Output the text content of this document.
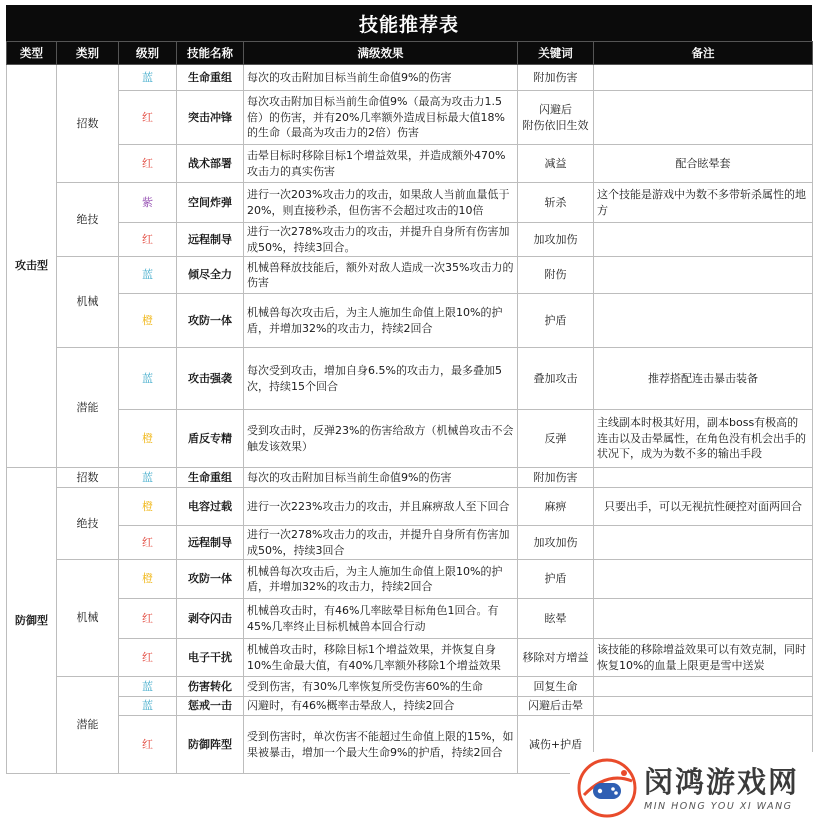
技能推荐表
类型	类别	级别	技能名称	满级效果	关键词	备注
攻击型	招数	蓝	生命重组	每次的攻击附加目标当前生命值9%的伤害	附加伤害	
		红	突击冲锋	每次攻击附加目标当前生命值9%（最高为攻击力1.5倍）的伤害，并有20%几率额外造成目标最大值18%的生命（最高为攻击力的2倍）伤害	闪避后
附伤依旧生效	
		红	战术部署	击晕目标时移除目标1个增益效果，并造成额外470%攻击力的真实伤害	减益	配合眩晕套
	绝技	紫	空间炸弹	进行一次203%攻击力的攻击，如果敌人当前血量低于20%，则直接秒杀，但伤害不会超过攻击的10倍	斩杀	这个技能是游戏中为数不多带斩杀属性的地方
		红	远程制导	进行一次278%攻击力的攻击，并提升自身所有伤害加成50%，持续3回合。	加攻加伤	
	机械	蓝	倾尽全力	机械兽释放技能后，额外对敌人造成一次35%攻击力的伤害	附伤	
		橙	攻防一体	机械兽每次攻击后，为主人施加生命值上限10%的护盾，并增加32%的攻击力，持续2回合	护盾	
	潜能	蓝	攻击强袭	每次受到攻击，增加自身6.5%的攻击力，最多叠加5次，持续15个回合	叠加攻击	推荐搭配连击暴击装备
		橙	盾反专精	受到攻击时，反弹23%的伤害给敌方（机械兽攻击不会触发该效果）	反弹	主线副本时极其好用，副本boss有极高的连击以及击晕属性，在角色没有机会出手的状况下，成为为数不多的输出手段
防御型	招数	蓝	生命重组	每次的攻击附加目标当前生命值9%的伤害	附加伤害	
	绝技	橙	电容过载	进行一次223%攻击力的攻击，并且麻痹敌人至下回合	麻痹	只要出手，可以无视抗性硬控对面两回合
		红	远程制导	进行一次278%攻击力的攻击，并提升自身所有伤害加成50%，持续3回合	加攻加伤	
	机械	橙	攻防一体	机械兽每次攻击后，为主人施加生命值上限10%的护盾，并增加32%的攻击力，持续2回合	护盾	
		红	剥夺闪击	机械兽攻击时，有46%几率眩晕目标角色1回合。有45%几率终止目标机械兽本回合行动	眩晕	
		红	电子干扰	机械兽攻击时，移除目标1个增益效果，并恢复自身10%生命最大值，有40%几率额外移除1个增益效果	移除对方增益	该技能的移除增益效果可以有效克制，同时恢复10%的血量上限更是雪中送炭
	潜能	蓝	伤害转化	受到伤害，有30%几率恢复所受伤害60%的生命	回复生命	
		蓝	惩戒一击	闪避时，有46%概率击晕敌人，持续2回合	闪避后击晕	
		红	防御阵型	受到伤害时，单次伤害不能超过生命值上限的15%，如果被暴击，增加一个最大生命9%的护盾，持续2回合	减伤+护盾	
闵鸿游戏网
MIN HONG YOU XI WANG
